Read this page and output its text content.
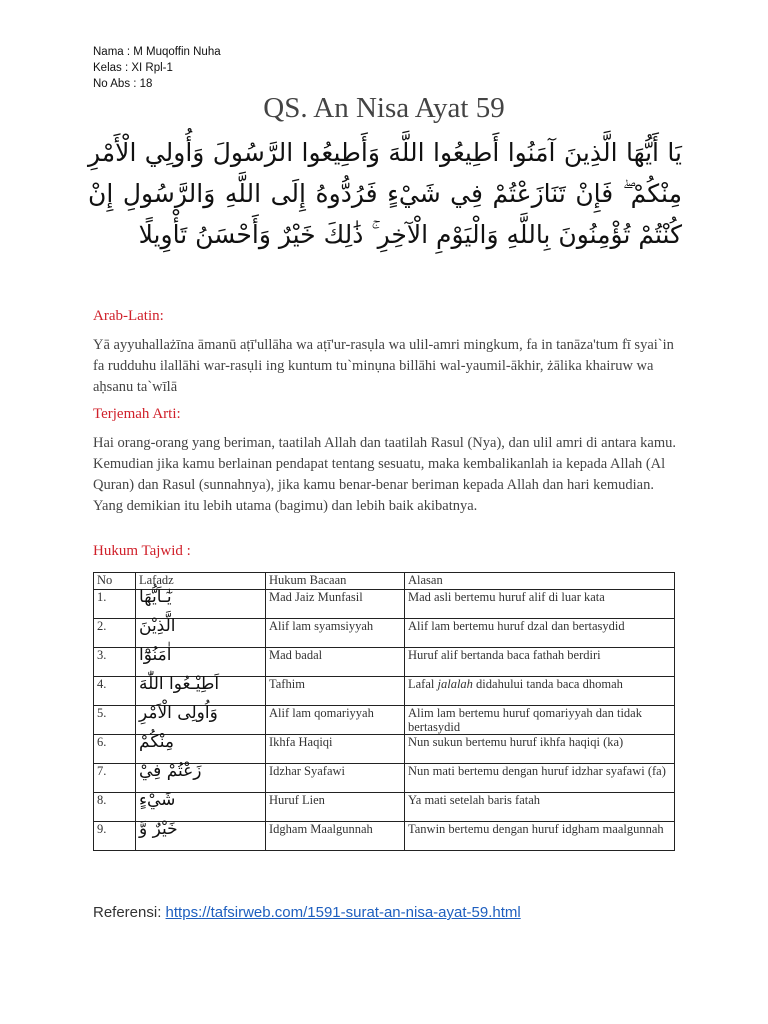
Nama : M Muqoffin Nuha
Kelas : XI Rpl-1
No Abs : 18
QS. An Nisa Ayat 59
يَا أَيُّهَا الَّذِينَ آمَنُوا أَطِيعُوا اللَّهَ وَأَطِيعُوا الرَّسُولَ وَأُولِي الْأَمْرِ مِنْكُمْ ۖ فَإِنْ تَنَازَعْتُمْ فِي شَيْءٍ فَرُدُّوهُ إِلَى اللَّهِ وَالرَّسُولِ إِنْ كُنْتُمْ تُؤْمِنُونَ بِاللَّهِ وَالْيَوْمِ الْآخِرِ ۚ ذَٰلِكَ خَيْرٌ وَأَحْسَنُ تَأْوِيلًا
Arab-Latin:
Yā ayyuhallażīna āmanū aṭī'ullāha wa aṭī'ur-rasụla wa ulil-amri mingkum, fa in tanāza'tum fī syai`in fa rudduhu ilallāhi war-rasụli ing kuntum tu`minụna billāhi wal-yaumil-ākhir, żālika khairuw wa aḥsanu ta`wīlā
Terjemah Arti:
Hai orang-orang yang beriman, taatilah Allah dan taatilah Rasul (Nya), dan ulil amri di antara kamu. Kemudian jika kamu berlainan pendapat tentang sesuatu, maka kembalikanlah ia kepada Allah (Al Quran) dan Rasul (sunnahnya), jika kamu benar-benar beriman kepada Allah dan hari kemudian. Yang demikian itu lebih utama (bagimu) dan lebih baik akibatnya.
Hukum Tajwid :
No	Lafadz	Hukum Bacaan	Alasan
1.	يٰٓـاَيُّهَا	Mad Jaiz Munfasil	Mad asli bertemu huruf alif di luar kata
2.	الَّذِيْنَ	Alif lam syamsiyyah	Alif lam bertemu huruf dzal dan bertasydid
3.	اٰمَنُوْٓا	Mad badal	Huruf alif bertanda baca fathah berdiri
4.	اَطِيْـعُوا اللّٰهَ	Tafhim	Lafal jalalah didahului tanda baca dhomah
5.	وَاُولِى الْاَمْرِ	Alif lam qomariyyah	Alim lam bertemu huruf qomariyyah dan tidak bertasydid
6.	مِنْكُمْ	Ikhfa Haqiqi	Nun sukun bertemu huruf ikhfa haqiqi (ka)
7.	زَعْتُمْ فِيْ	Idzhar Syafawi	Nun mati bertemu dengan huruf idzhar syafawi (fa)
8.	شَيْءٍ	Huruf Lien	Ya mati setelah baris fatah
9.	خَيْرٌ وَّ	Idgham Maalgunnah	Tanwin bertemu dengan huruf idgham maalgunnah
Referensi: https://tafsirweb.com/1591-surat-an-nisa-ayat-59.html
